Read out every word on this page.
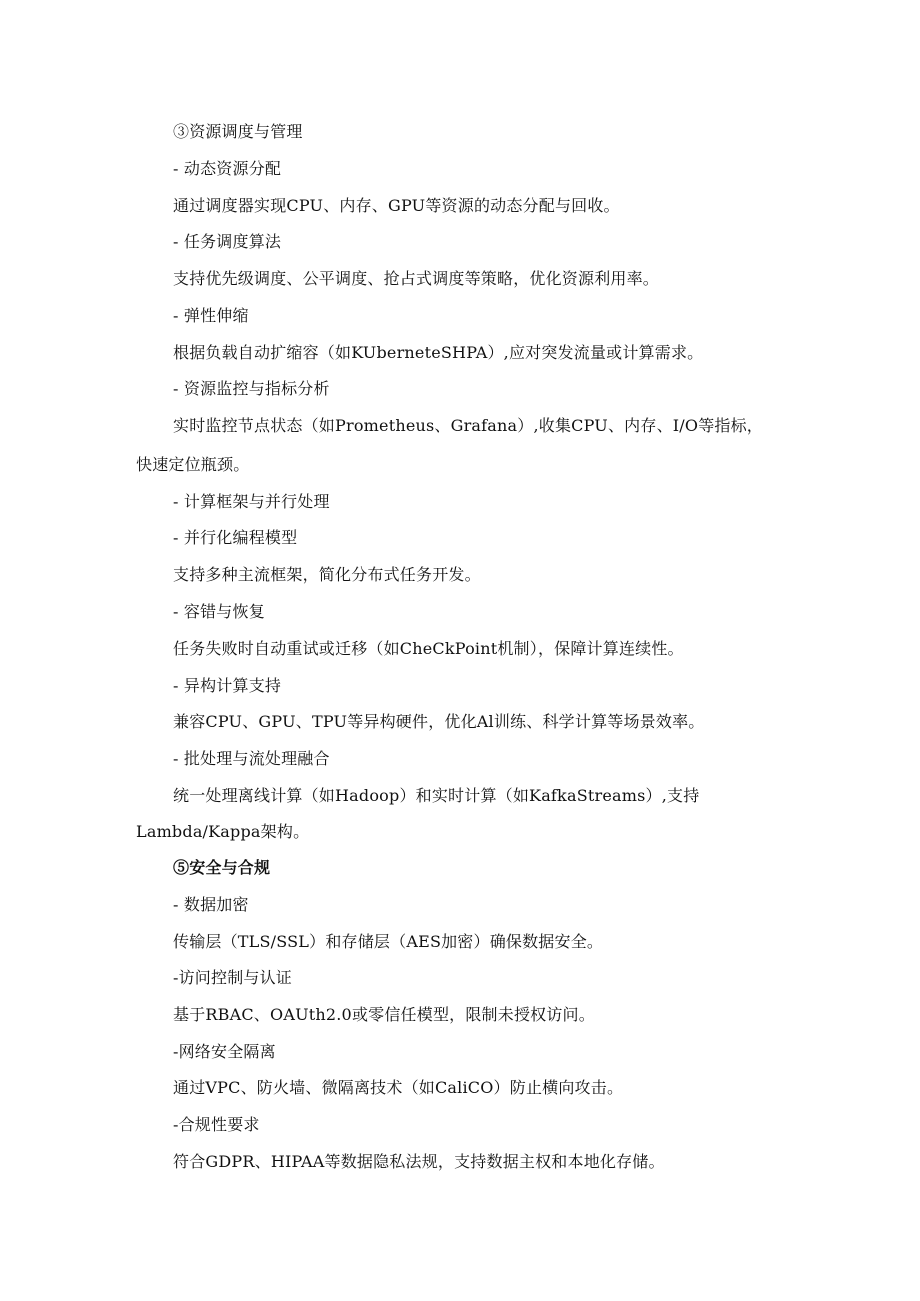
③资源调度与管理
- 动态资源分配
通过调度器实现CPU、内存、GPU等资源的动态分配与回收。
- 任务调度算法
支持优先级调度、公平调度、抢占式调度等策略，优化资源利用率。
- 弹性伸缩
根据负载自动扩缩容（如KUberneteSHPA）,应对突发流量或计算需求。
- 资源监控与指标分析
实时监控节点状态（如Prometheus、Grafana）,收集CPU、内存、I/O等指标，
快速定位瓶颈。
- 计算框架与并行处理
- 并行化编程模型
支持多种主流框架，简化分布式任务开发。
- 容错与恢复
任务失败时自动重试或迁移（如CheCkPoint机制），保障计算连续性。
- 异构计算支持
兼容CPU、GPU、TPU等异构硬件，优化Al训练、科学计算等场景效率。
- 批处理与流处理融合
统一处理离线计算（如Hadoop）和实时计算（如KafkaStreams）,支持
Lambda/Kappa架构。
⑤安全与合规
- 数据加密
传输层（TLS/SSL）和存储层（AES加密）确保数据安全。
-访问控制与认证
基于RBAC、OAUth2.0或零信任模型，限制未授权访问。
-网络安全隔离
通过VPC、防火墙、微隔离技术（如CaliCO）防止横向攻击。
-合规性要求
符合GDPR、HIPAA等数据隐私法规，支持数据主权和本地化存储。
